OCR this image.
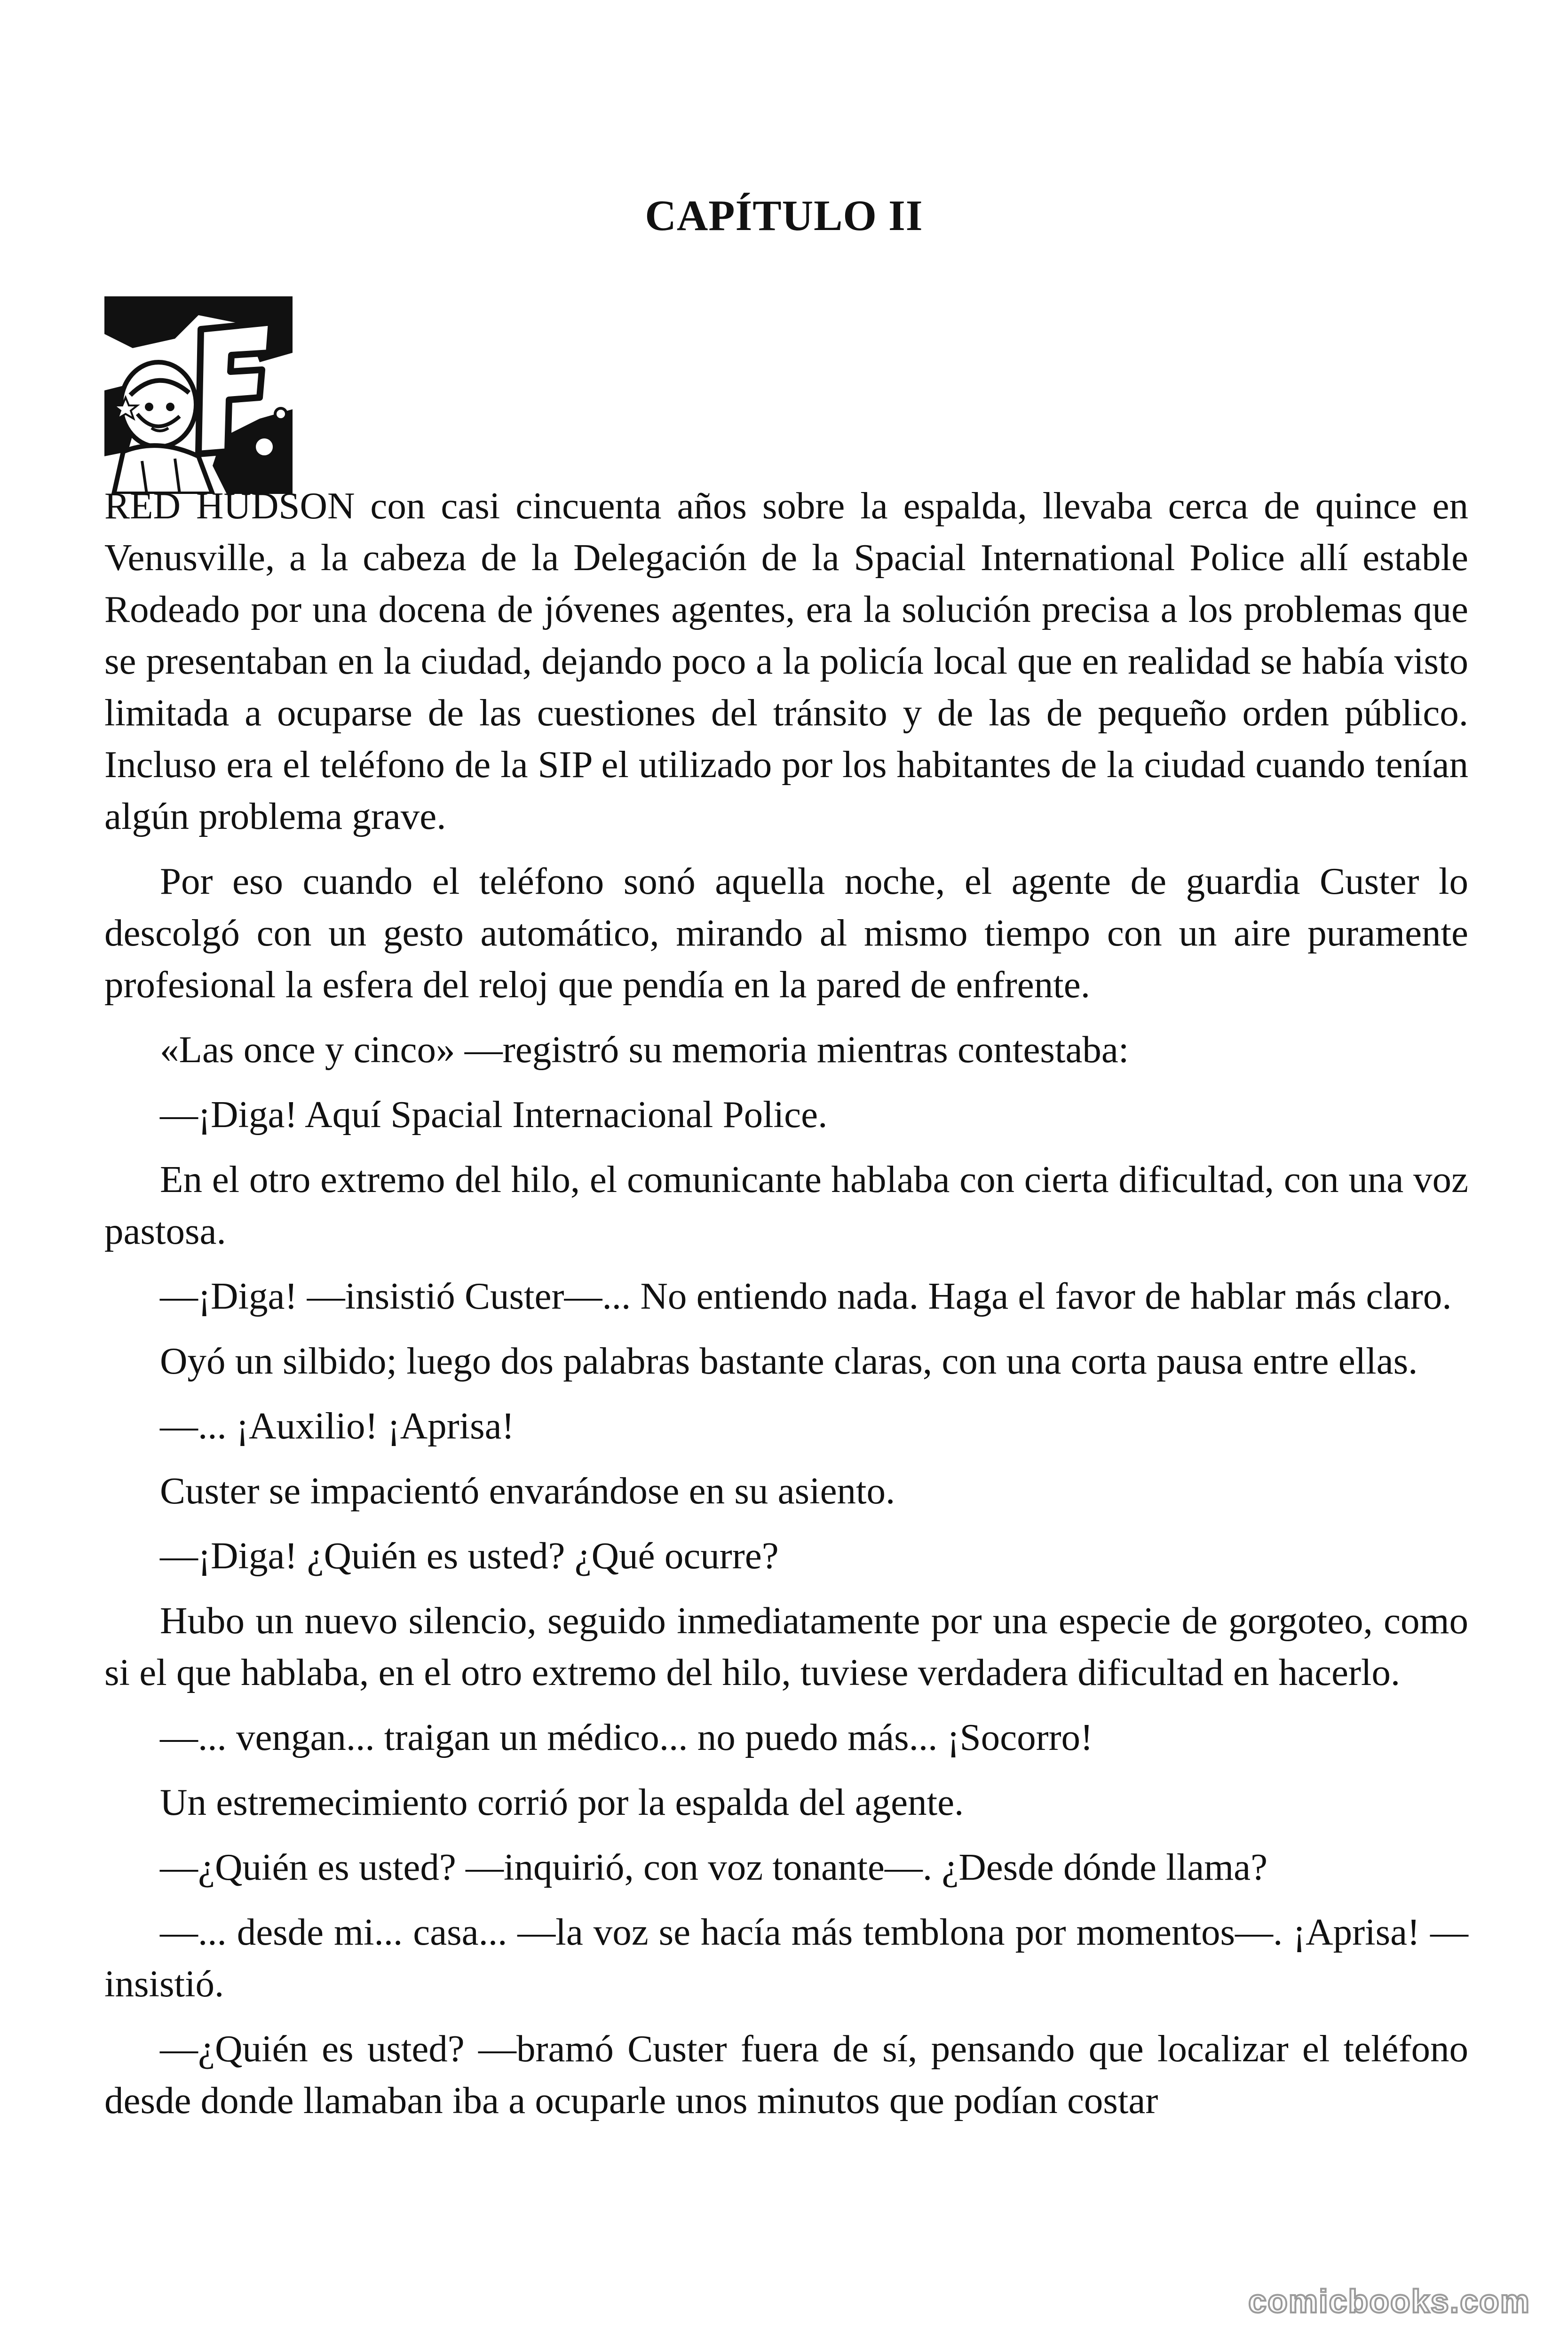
CAPÍTULO II

RED HUDSON con casi cincuenta años sobre la espalda, llevaba cerca de quince en Venusville, a la cabeza de la Delegación de la Spacial International Police allí estable Rodeado por una docena de jóvenes agentes, era la solución precisa a los problemas que se presentaban en la ciudad, dejando poco a la policía local que en realidad se había visto limitada a ocuparse de las cuestiones del tránsito y de las de pequeño orden público. Incluso era el teléfono de la SIP el utilizado por los habitantes de la ciudad cuando tenían algún problema grave.

Por eso cuando el teléfono sonó aquella noche, el agente de guardia Custer lo descolgó con un gesto automático, mirando al mismo tiempo con un aire puramente profesional la esfera del reloj que pendía en la pared de enfrente.

«Las once y cinco» —registró su memoria mientras contestaba:

—¡Diga! Aquí Spacial Internacional Police.

En el otro extremo del hilo, el comunicante hablaba con cierta dificultad, con una voz pastosa.

—¡Diga! —insistió Custer—... No entiendo nada. Haga el favor de hablar más claro.

Oyó un silbido; luego dos palabras bastante claras, con una corta pausa entre ellas.

—... ¡Auxilio! ¡Aprisa!

Custer se impacientó envarándose en su asiento.

—¡Diga! ¿Quién es usted? ¿Qué ocurre?

Hubo un nuevo silencio, seguido inmediatamente por una especie de gorgoteo, como si el que hablaba, en el otro extremo del hilo, tuviese verdadera dificultad en hacerlo.

—... vengan... traigan un médico... no puedo más... ¡Socorro!

Un estremecimiento corrió por la espalda del agente.

—¿Quién es usted? —inquirió, con voz tonante—. ¿Desde dónde llama?

—... desde mi... casa... —la voz se hacía más temblona por momentos—. ¡Aprisa! —insistió.

—¿Quién es usted? —bramó Custer fuera de sí, pensando que localizar el teléfono desde donde llamaban iba a ocuparle unos minutos que podían costar

comicbooks.com
